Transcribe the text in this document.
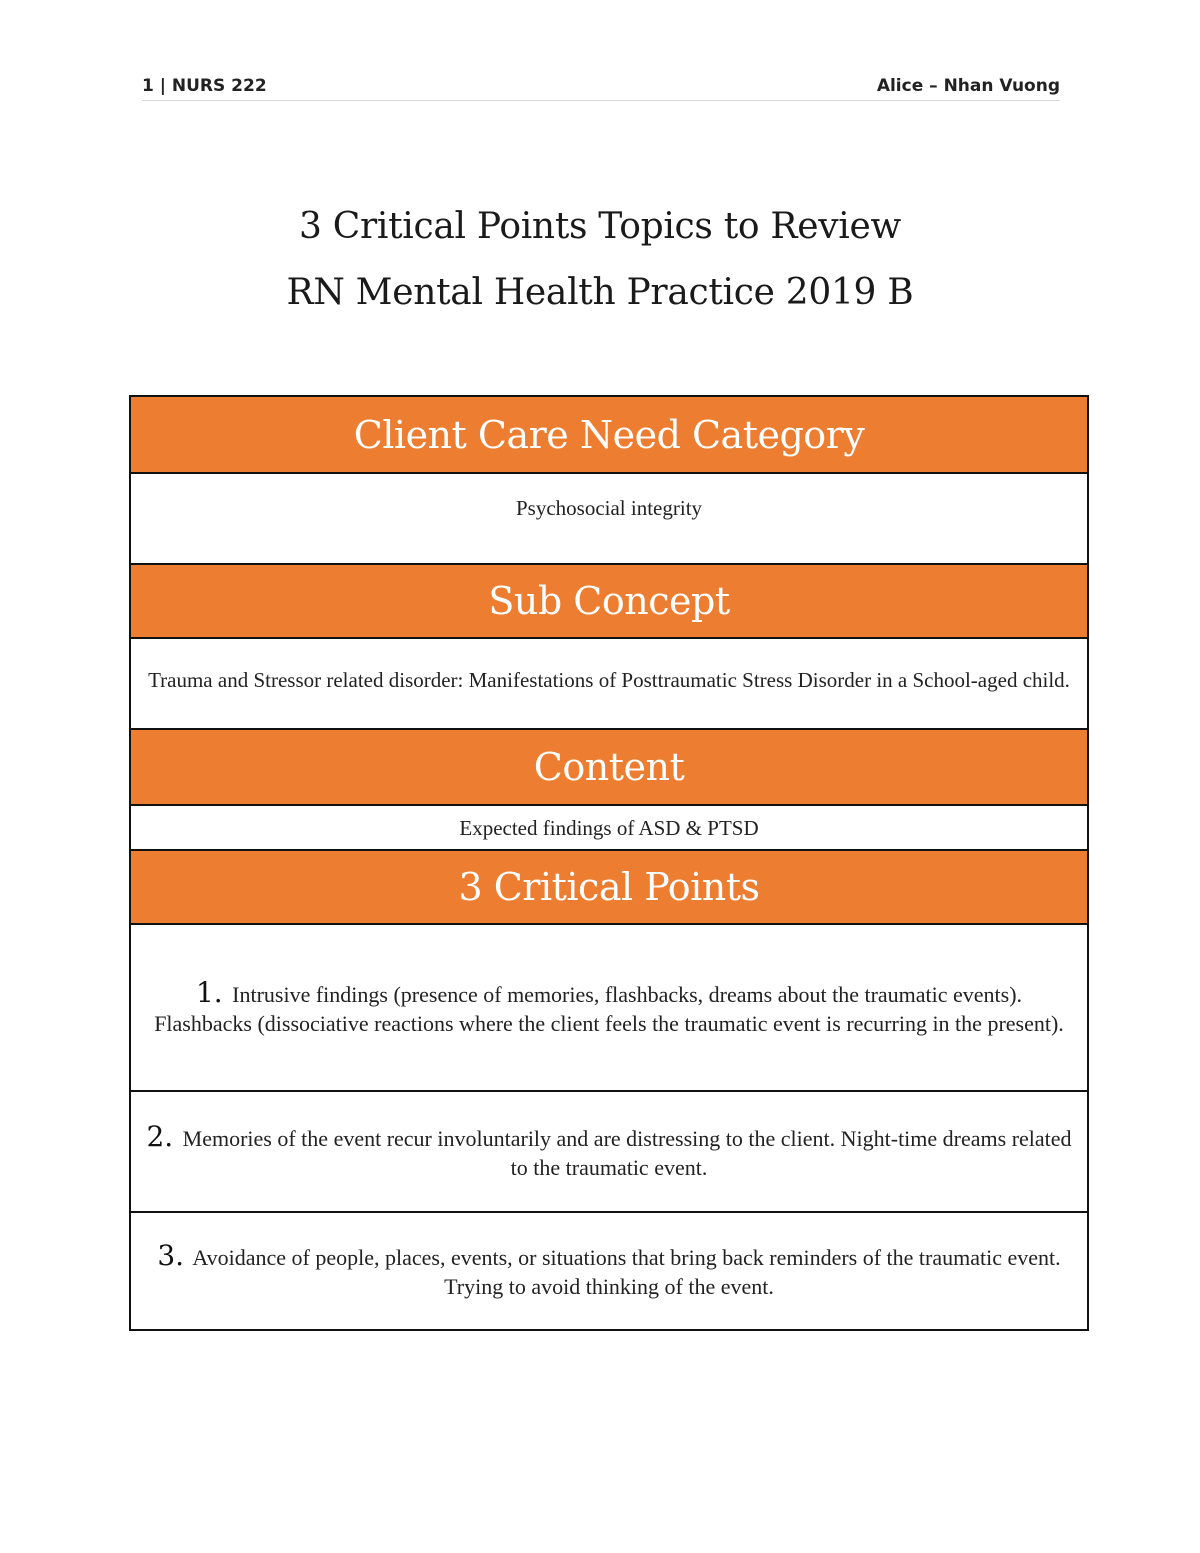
1 | NURS 222	Alice – Nhan Vuong
3 Critical Points Topics to Review
RN Mental Health Practice 2019 B
Client Care Need Category
Psychosocial integrity
Sub Concept
Trauma and Stressor related disorder: Manifestations of Posttraumatic Stress Disorder in a School-aged child.
Content
Expected findings of ASD & PTSD
3 Critical Points
1. Intrusive findings (presence of memories, flashbacks, dreams about the traumatic events). Flashbacks (dissociative reactions where the client feels the traumatic event is recurring in the present).
2. Memories of the event recur involuntarily and are distressing to the client. Night-time dreams related to the traumatic event.
3. Avoidance of people, places, events, or situations that bring back reminders of the traumatic event. Trying to avoid thinking of the event.
